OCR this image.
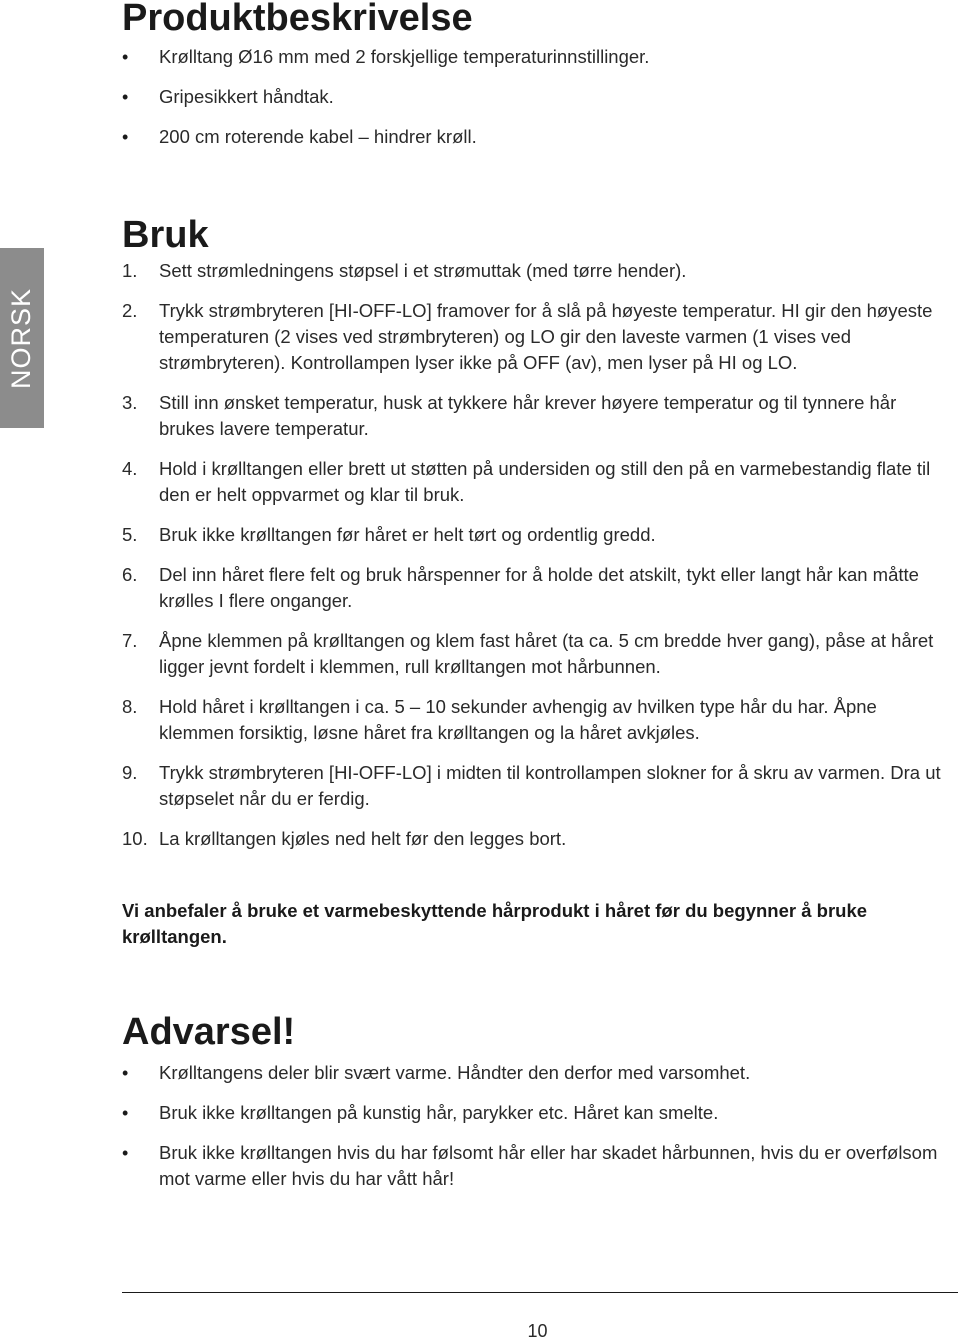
NORSK
Produktbeskrivelse
• Krølltang Ø16 mm med 2 forskjellige temperaturinnstillinger.
• Gripesikkert håndtak.
• 200 cm roterende kabel – hindrer krøll.
Bruk
1. Sett strømledningens støpsel i et strømuttak (med tørre hender).
2. Trykk strømbryteren [HI-OFF-LO] framover for å slå på høyeste temperatur. HI gir den høyeste temperaturen (2 vises ved strømbryteren) og LO gir den laveste varmen (1 vises ved strømbryteren). Kontrollampen lyser ikke på OFF (av), men lyser på HI og LO.
3. Still inn ønsket temperatur, husk at tykkere hår krever høyere temperatur og til tynnere hår brukes lavere temperatur.
4. Hold i krølltangen eller brett ut støtten på undersiden og still den på en varmebestandig flate til den er helt oppvarmet og klar til bruk.
5. Bruk ikke krølltangen før håret er helt tørt og ordentlig gredd.
6. Del inn håret flere felt og bruk hårspenner for å holde det atskilt, tykt eller langt hår kan måtte krølles I flere onganger.
7. Åpne klemmen på krølltangen og klem fast håret (ta ca. 5 cm bredde hver gang), påse at håret ligger jevnt fordelt i klemmen, rull krølltangen mot hårbunnen.
8. Hold håret i krølltangen i ca. 5 – 10 sekunder avhengig av hvilken type hår du har. Åpne klemmen forsiktig, løsne håret fra krølltangen og la håret avkjøles.
9. Trykk strømbryteren [HI-OFF-LO] i midten til kontrollampen slokner for å skru av varmen. Dra ut støpselet når du er ferdig.
10. La krølltangen kjøles ned helt før den legges bort.

Vi anbefaler å bruke et varmebeskyttende hårprodukt i håret før du begynner å bruke krølltangen.

Advarsel!
• Krølltangens deler blir svært varme. Håndter den derfor med varsomhet.
• Bruk ikke krølltangen på kunstig hår, parykker etc. Håret kan smelte.
• Bruk ikke krølltangen hvis du har følsomt hår eller har skadet hårbunnen, hvis du er overfølsom mot varme eller hvis du har vått hår!
10
